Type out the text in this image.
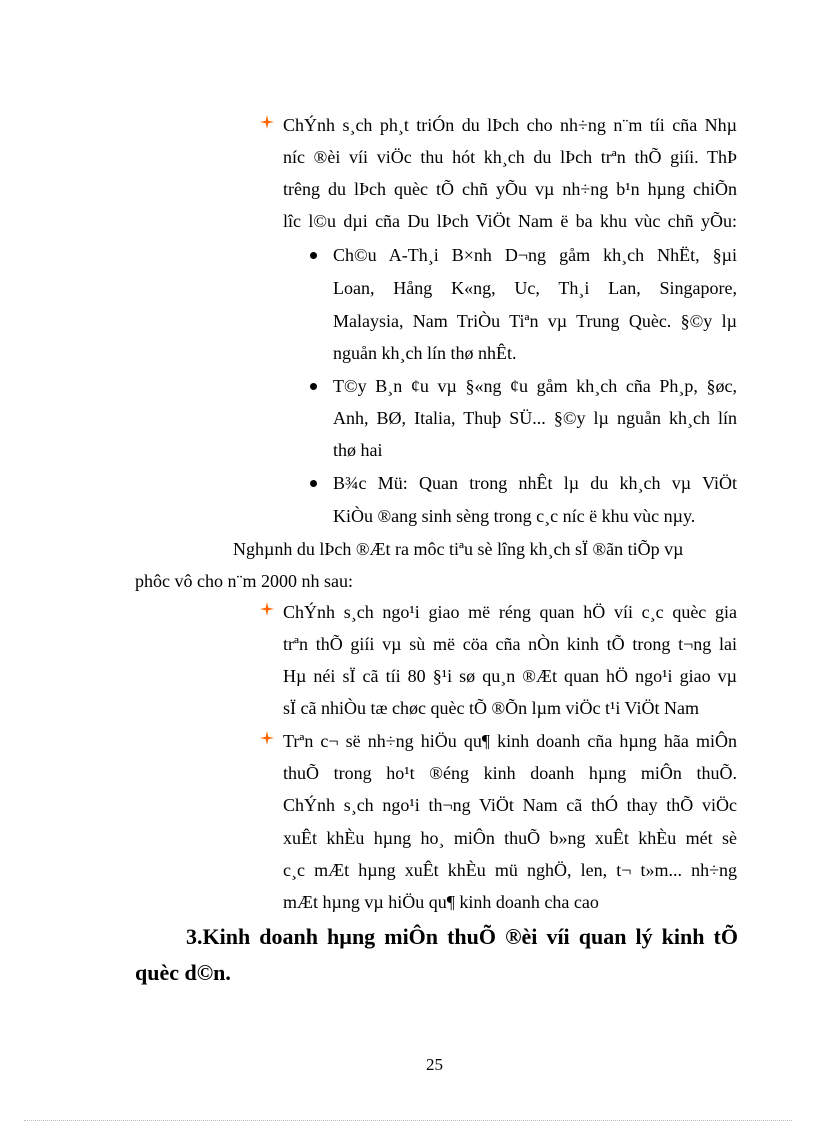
ChÝnh s¸ch ph¸t triÓn du lÞch cho nh÷ng n¨m tíi cña Nhµ
níc ®èi víi viÖc thu hót kh¸ch du lÞch trªn thÕ giíi. ThÞ
trêng du lÞch quèc tÕ chñ yÕu vµ nh÷ng b¹n hµng chiÕn
lîc l©u dµi cña Du lÞch ViÖt Nam ë ba khu vùc chñ yÕu:
Ch©u A-Th¸i B×nh D¬ng gåm kh¸ch NhËt, §µi
Loan, Hång K«ng, Uc, Th¸i Lan, Singapore,
Malaysia, Nam TriÒu Tiªn vµ Trung Quèc. §©y lµ
nguån kh¸ch lín thø nhÊt.
T©y B¸n ¢u vµ §«ng ¢u gåm kh¸ch cña Ph¸p, §øc,
Anh, BØ, Italia, Thuþ SÜ... §©y lµ nguån kh¸ch lín
thø hai
B¾c Mü: Quan trong nhÊt lµ du kh¸ch vµ ViÖt
KiÒu ®ang sinh sèng trong c¸c níc ë khu vùc nµy.
Nghµnh du lÞch ®Æt ra môc tiªu sè lîng kh¸ch sÏ ®ãn tiÕp vµ
phôc vô cho n¨m 2000 nh sau:
ChÝnh s¸ch ngo¹i giao më réng quan hÖ víi c¸c quèc gia
trªn thÕ giíi vµ sù më cöa cña nÒn kinh tÕ trong t¬ng lai
Hµ néi sÏ cã tíi 80 §¹i sø qu¸n ®Æt quan hÖ ngo¹i giao vµ
sÏ cã nhiÒu tæ chøc quèc tÕ ®Õn lµm viÖc t¹i ViÖt Nam
Trªn c¬ së nh÷ng hiÖu qu¶ kinh doanh cña hµng hãa miÔn
thuÕ trong ho¹t ®éng kinh doanh hµng miÔn thuÕ.
ChÝnh s¸ch ngo¹i th¬ng ViÖt Nam cã thÓ thay thÕ viÖc
xuÊt khÈu hµng ho¸ miÔn thuÕ b»ng xuÊt khÈu mét sè
c¸c mÆt hµng xuÊt khÈu mü nghÖ, len, t¬ t»m... nh÷ng
mÆt hµng vµ hiÖu qu¶ kinh doanh cha cao
3.Kinh doanh hµng miÔn thuÕ ®èi víi quan lý kinh tÕ
quèc d©n.
25
